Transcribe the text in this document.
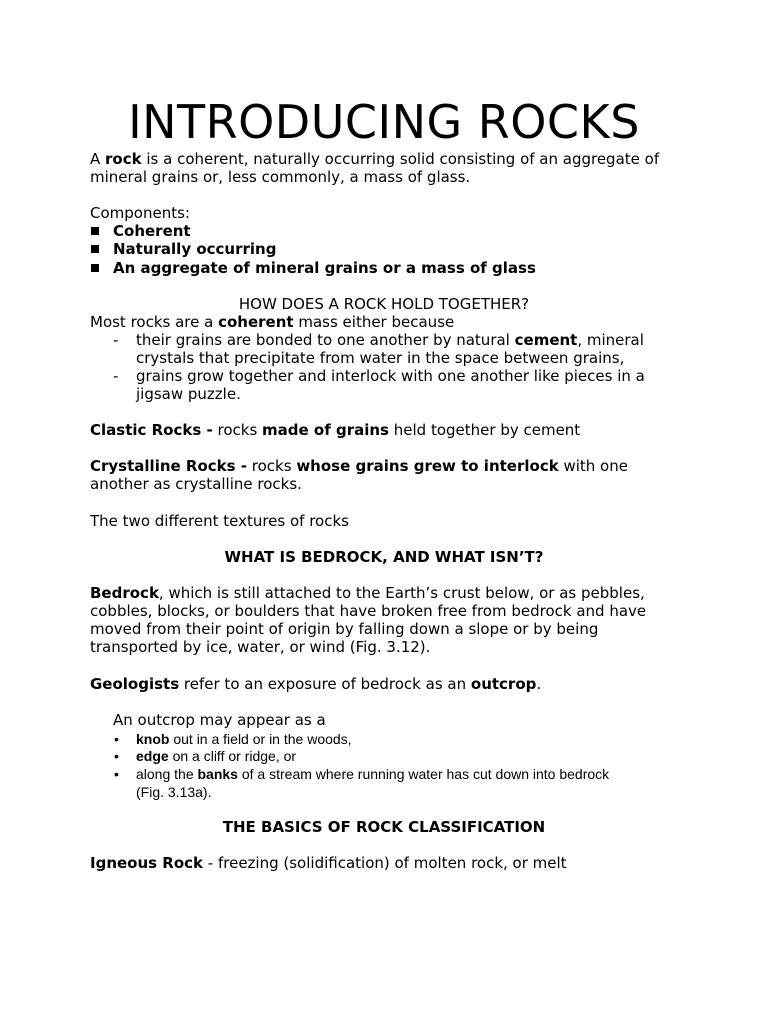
INTRODUCING ROCKS
A rock is a coherent, naturally occurring solid consisting of an aggregate of
mineral grains or, less commonly, a mass of glass.
Components:
Coherent
Naturally occurring
An aggregate of mineral grains or a mass of glass
HOW DOES A ROCK HOLD TOGETHER?
Most rocks are a coherent mass either because
- their grains are bonded to one another by natural cement, mineral
crystals that precipitate from water in the space between grains,
- grains grow together and interlock with one another like pieces in a
jigsaw puzzle.
Clastic Rocks - rocks made of grains held together by cement
Crystalline Rocks - rocks whose grains grew to interlock with one
another as crystalline rocks.
The two different textures of rocks
WHAT IS BEDROCK, AND WHAT ISN’T?
Bedrock, which is still attached to the Earth’s crust below, or as pebbles,
cobbles, blocks, or boulders that have broken free from bedrock and have
moved from their point of origin by falling down a slope or by being
transported by ice, water, or wind (Fig. 3.12).
Geologists refer to an exposure of bedrock as an outcrop.
An outcrop may appear as a
• knob out in a field or in the woods,
• edge on a cliff or ridge, or
• along the banks of a stream where running water has cut down into bedrock
(Fig. 3.13a).
THE BASICS OF ROCK CLASSIFICATION
Igneous Rock - freezing (solidification) of molten rock, or melt
